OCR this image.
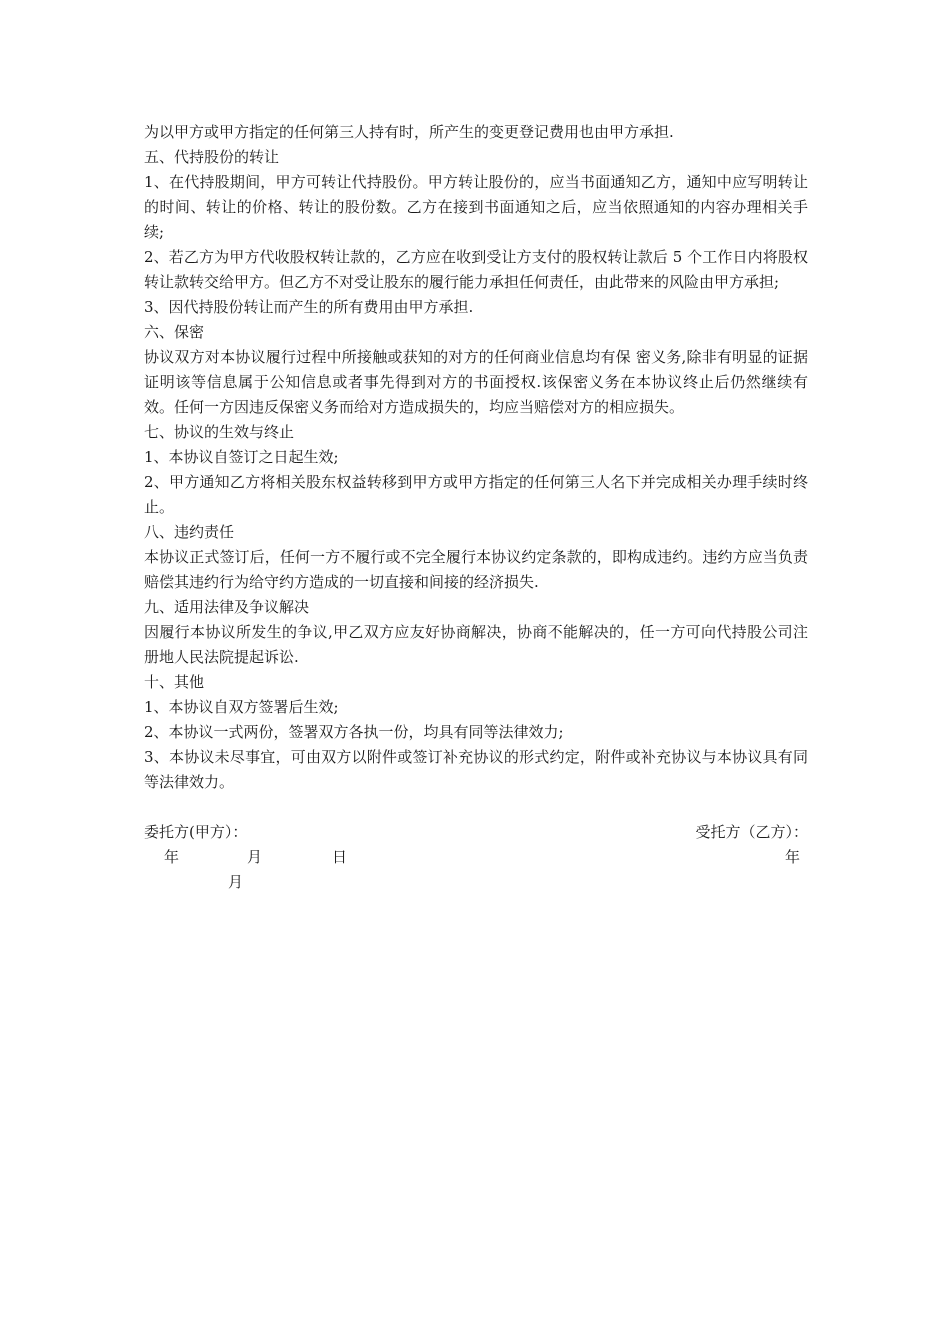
为以甲方或甲方指定的任何第三人持有时，所产生的变更登记费用也由甲方承担.
五、代持股份的转让
1、在代持股期间，甲方可转让代持股份。甲方转让股份的，应当书面通知乙方，通知中应写明转让的时间、转让的价格、转让的股份数。乙方在接到书面通知之后，应当依照通知的内容办理相关手续;
2、若乙方为甲方代收股权转让款的，乙方应在收到受让方支付的股权转让款后 5 个工作日内将股权转让款转交给甲方。但乙方不对受让股东的履行能力承担任何责任，由此带来的风险由甲方承担;
3、因代持股份转让而产生的所有费用由甲方承担.
六、保密
协议双方对本协议履行过程中所接触或获知的对方的任何商业信息均有保 密义务,除非有明显的证据证明该等信息属于公知信息或者事先得到对方的书面授权.该保密义务在本协议终止后仍然继续有效。任何一方因违反保密义务而给对方造成损失的，均应当赔偿对方的相应损失。
七、协议的生效与终止
1、本协议自签订之日起生效;
2、甲方通知乙方将相关股东权益转移到甲方或甲方指定的任何第三人名下并完成相关办理手续时终止。
八、违约责任
本协议正式签订后，任何一方不履行或不完全履行本协议约定条款的，即构成违约。违约方应当负责赔偿其违约行为给守约方造成的一切直接和间接的经济损失.
九、适用法律及争议解决
因履行本协议所发生的争议,甲乙双方应友好协商解决，协商不能解决的，任一方可向代持股公司注册地人民法院提起诉讼.
十、其他
1、本协议自双方签署后生效;
2、本协议一式两份，签署双方各执一份，均具有同等法律效力;
3、本协议未尽事宜，可由双方以附件或签订补充协议的形式约定，附件或补充协议与本协议具有同等法律效力。
委托方(甲方）：	受托方（乙方）：
年	月	日	年
月
